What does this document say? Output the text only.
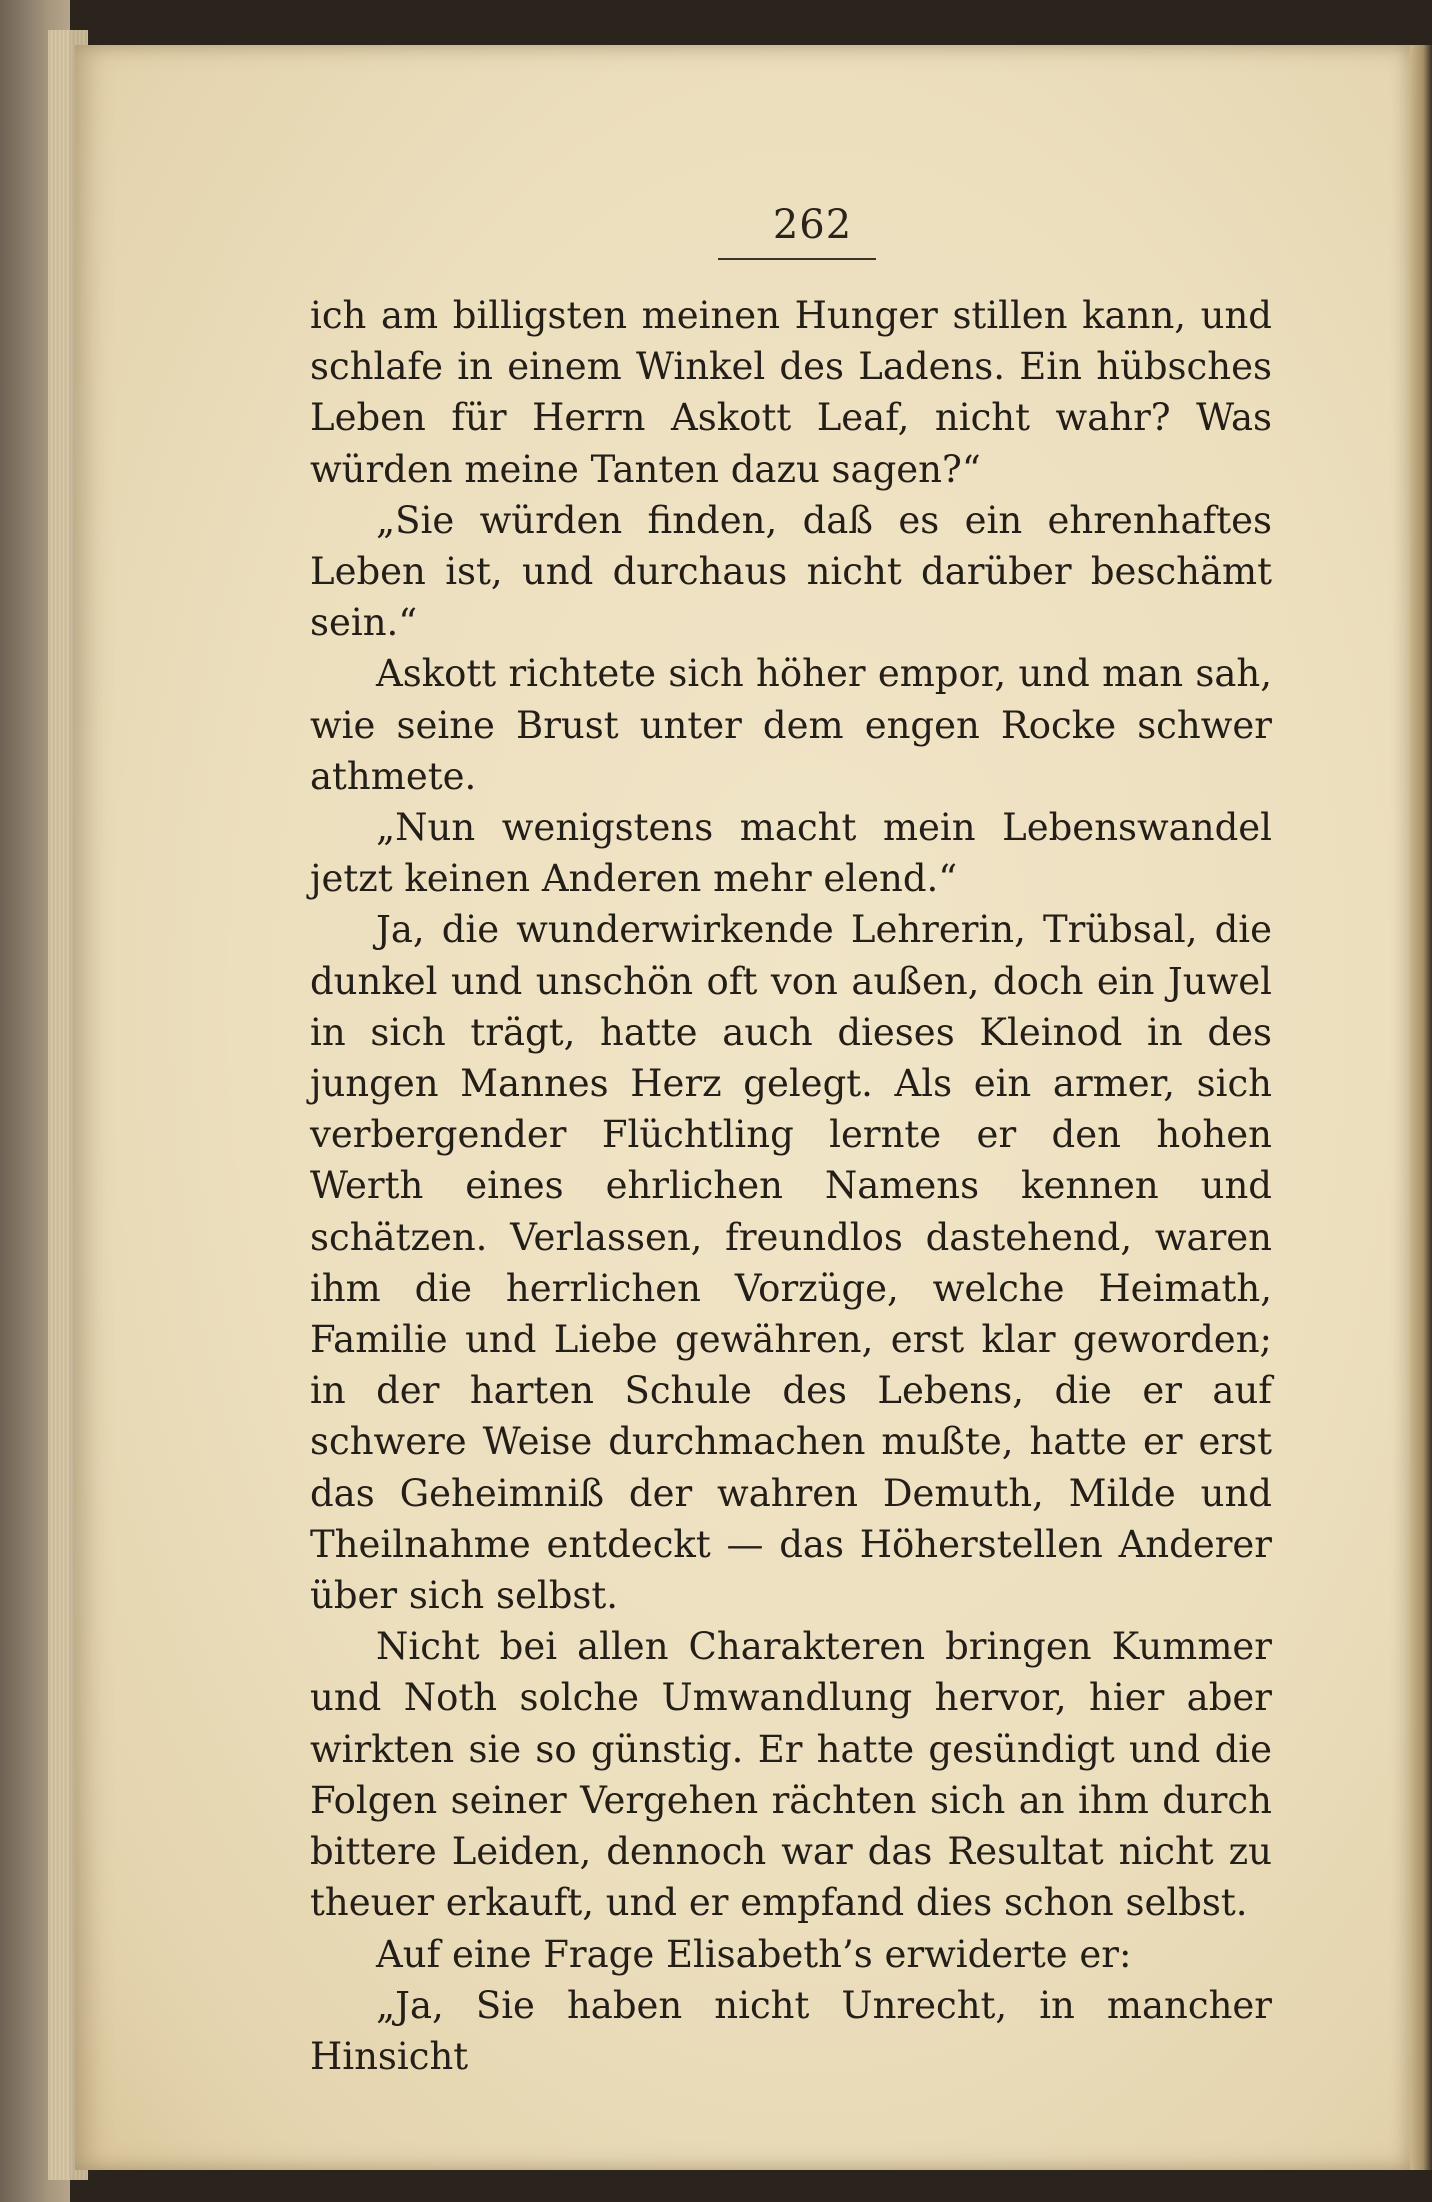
262

ich am billigsten meinen Hunger stillen kann, und schlafe in einem Winkel des Ladens. Ein hübsches Leben für Herrn Askott Leaf, nicht wahr? Was würden meine Tanten dazu sagen?“

„Sie würden finden, daß es ein ehrenhaftes Leben ist, und durchaus nicht darüber beschämt sein.“

Askott richtete sich höher empor, und man sah, wie seine Brust unter dem engen Rocke schwer athmete.

„Nun wenigstens macht mein Lebenswandel jetzt keinen Anderen mehr elend.“

Ja, die wunderwirkende Lehrerin, Trübsal, die dunkel und unschön oft von außen, doch ein Juwel in sich trägt, hatte auch dieses Kleinod in des jungen Mannes Herz gelegt. Als ein armer, sich verbergender Flüchtling lernte er den hohen Werth eines ehrlichen Namens kennen und schätzen. Verlassen, freundlos dastehend, waren ihm die herrlichen Vorzüge, welche Heimath, Familie und Liebe gewähren, erst klar geworden; in der harten Schule des Lebens, die er auf schwere Weise durchmachen mußte, hatte er erst das Geheimniß der wahren Demuth, Milde und Theilnahme entdeckt — das Höherstellen Anderer über sich selbst.

Nicht bei allen Charakteren bringen Kummer und Noth solche Umwandlung hervor, hier aber wirkten sie so günstig. Er hatte gesündigt und die Folgen seiner Vergehen rächten sich an ihm durch bittere Leiden, dennoch war das Resultat nicht zu theuer erkauft, und er empfand dies schon selbst.

Auf eine Frage Elisabeth’s erwiderte er:

„Ja, Sie haben nicht Unrecht, in mancher Hinsicht
